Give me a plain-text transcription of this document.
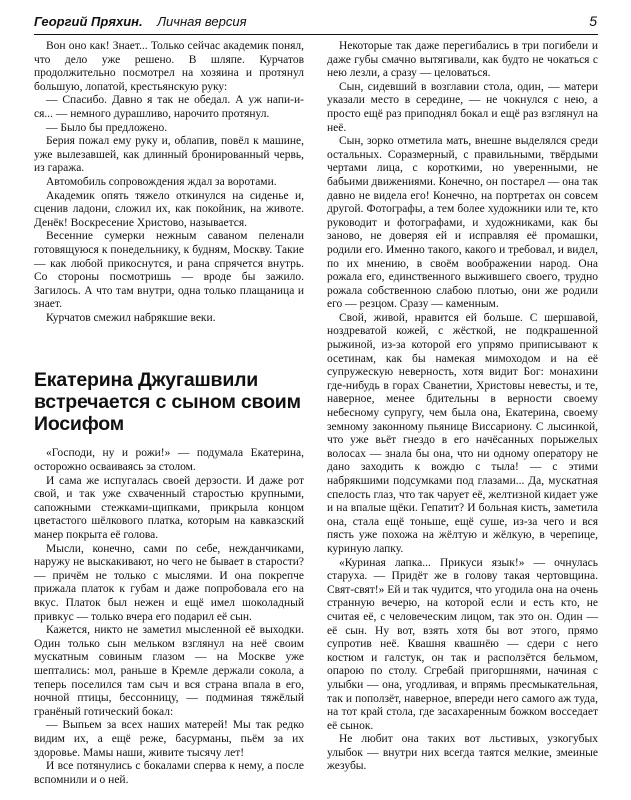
Георгий Пряхин. Личная версия	5

Вон оно как! Знает... Только сейчас академик понял, что дело уже решено. В шляпе. Курчатов продолжительно посмотрел на хозяина и протянул большую, лопатой, крестьянскую руку:

— Спасибо. Давно я так не обедал. А уж напи-и-ся... — немного дурашливо, нарочито протянул.

— Было бы предложено.

Берия пожал ему руку и, облапив, повёл к машине, уже вылезавшей, как длинный бронированный червь, из гаража.

Автомобиль сопровождения ждал за воротами.

Академик опять тяжело откинулся на сиденье и, сценив ладони, сложил их, как покойник, на животе. Денёк! Воскресение Христово, называется.

Весенние сумерки нежным саваном пеленали готовящуюся к понедельнику, к будням, Москву. Такие — как любой прикоснутся, и рана спрячется внутрь. Со стороны посмотришь — вроде бы зажило. Загилось. А что там внутри, одна только плащаница и знает.

Курчатов смежил набрякшие веки.

Екатерина Джугашвили
встречается с сыном своим
Иосифом

«Господи, ну и рожи!» — подумала Екатерина, осторожно осваиваясь за столом.

И сама же испугалась своей дерзости. И даже рот свой, и так уже схваченный старостью крупными, сапожными стежками-щипками, прикрыла концом цветастого шёлкового платка, которым на кавказский манер покрыта её голова.

Мысли, конечно, сами по себе, нежданчиками, наружу не выскакивают, но чего не бывает в старости? — причём не только с мыслями. И она покрепче прижала платок к губам и даже попробовала его на вкус. Платок был нежен и ещё имел шоколадный привкус — только вчера его подарил её сын.

Кажется, никто не заметил мысленной её выходки. Один только сын мельком взглянул на неё своим мускатным совиным глазом — на Москве уже шептались: мол, раньше в Кремле держали сокола, а теперь поселился там сыч и вся страна впала в его, ночной птицы, бессонницу, — подминая тяжёлый гранёный готический бокал:

— Выпьем за всех наших матерей! Мы так редко видим их, а ещё реже, басурманы, пьём за их здоровье. Мамы наши, живите тысячу лет!

И все потянулись с бокалами сперва к нему, а после вспомнили и о ней.

Некоторые так даже перегибались в три погибели и даже губы смачно вытягивали, как будто не чокаться с нею лезли, а сразу — целоваться.

Сын, сидевший в возглавии стола, один, — матери указали место в середине, — не чокнулся с нею, а просто ещё раз приподнял бокал и ещё раз взглянул на неё.

Сын, зорко отметила мать, внешне выделялся среди остальных. Соразмерный, с правильными, твёрдыми чертами лица, с короткими, но уверенными, не бабьими движениями. Конечно, он постарел — она так давно не видела его! Конечно, на портретах он совсем другой. Фотографы, а тем более художники или те, кто руководит и фотографами, и художниками, как бы заново, не доверяя ей и исправляя её промашки, родили его. Именно такого, какого и требовал, и видел, по их мнению, в своём воображении народ. Она рожала его, единственного выжившего своего, трудно рожала собственною слабою плотью, они же родили его — резцом. Сразу — каменным.

Свой, живой, нравится ей больше. С шершавой, ноздреватой кожей, с жёсткой, не подкрашенной рыжиной, из-за которой его упрямо приписывают к осетинам, как бы намекая мимоходом и на её супружескую неверность, хотя видит Бог: монахини где-нибудь в горах Сванетии, Христовы невесты, и те, наверное, менее бдительны в верности своему небесному супругу, чем была она, Екатерина, своему земному законному пьянице Виссариону. С лысинкой, что уже вьёт гнездо в его начёсанных порыжелых волосах — знала бы она, что ни одному оператору не дано заходить к вождю с тыла! — с этими набрякшими подсумками под глазами... Да, мускатная спелость глаз, что так чарует её, желтизной кидает уже и на впалые щёки. Гепатит? И больная кисть, заметила она, стала ещё тоньше, ещё суше, из-за чего и вся пясть уже похожа на жёлтую и жёлкую, в черепице, куриную лапку.

«Куриная лапка... Прикуси язык!» — очнулась старуха. — Придёт же в голову такая чертовщина. Свят-свят!» Ей и так чудится, что угодила она на очень странную вечерю, на которой если и есть кто, не считая её, с человеческим лицом, так это он. Один — её сын. Ну вот, взять хотя бы вот этого, прямо супротив неё. Квашня квашнёю — сдери с него костюм и галстук, он так и расползётся бельмом, опарою по столу. Сгребай пригоршнями, начиная с улыбки — она, угодливая, и впрямь пресмыкательная, так и поползёт, наверное, впереди него самого аж туда, на тот край стола, где засахаренным божком восседает её сынок.

Не любит она таких вот льстивых, узкогубых улыбок — внутри них всегда таятся мелкие, змеиные жезубы.
